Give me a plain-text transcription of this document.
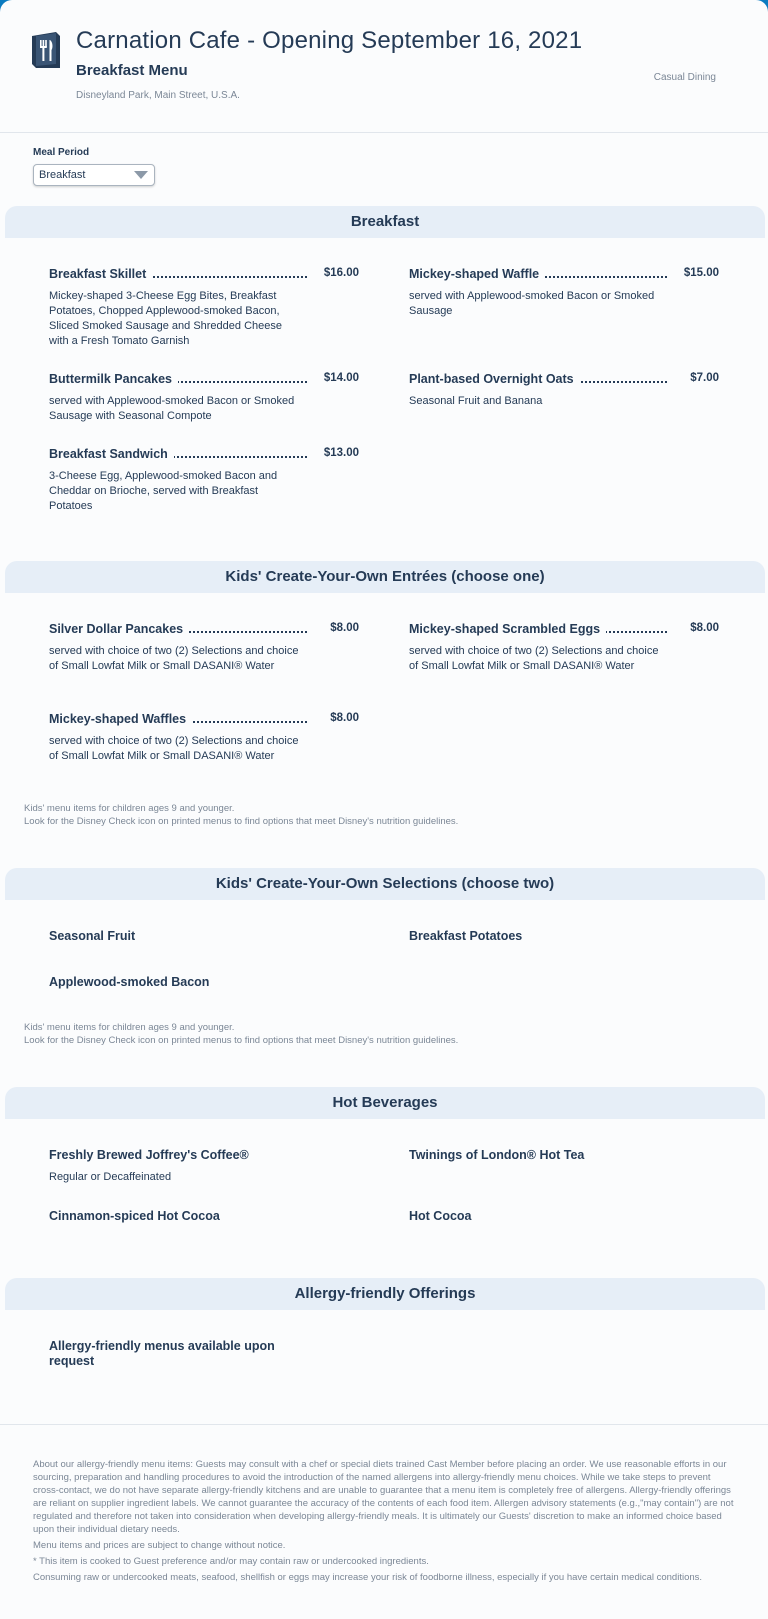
Carnation Cafe - Opening September 16, 2021
Breakfast Menu
Disneyland Park, Main Street, U.S.A.
Casual Dining
Meal Period
Breakfast
Breakfast
Breakfast Skillet	$16.00
Mickey-shaped 3-Cheese Egg Bites, Breakfast Potatoes, Chopped Applewood-smoked Bacon, Sliced Smoked Sausage and Shredded Cheese with a Fresh Tomato Garnish
Mickey-shaped Waffle	$15.00
served with Applewood-smoked Bacon or Smoked Sausage
Buttermilk Pancakes	$14.00
served with Applewood-smoked Bacon or Smoked Sausage with Seasonal Compote
Plant-based Overnight Oats	$7.00
Seasonal Fruit and Banana
Breakfast Sandwich	$13.00
3-Cheese Egg, Applewood-smoked Bacon and Cheddar on Brioche, served with Breakfast Potatoes
Kids' Create-Your-Own Entrées (choose one)
Silver Dollar Pancakes	$8.00
served with choice of two (2) Selections and choice of Small Lowfat Milk or Small DASANI® Water
Mickey-shaped Scrambled Eggs	$8.00
served with choice of two (2) Selections and choice of Small Lowfat Milk or Small DASANI® Water
Mickey-shaped Waffles	$8.00
served with choice of two (2) Selections and choice of Small Lowfat Milk or Small DASANI® Water
Kids' menu items for children ages 9 and younger.
Look for the Disney Check icon on printed menus to find options that meet Disney's nutrition guidelines.
Kids' Create-Your-Own Selections (choose two)
Seasonal Fruit	Breakfast Potatoes
Applewood-smoked Bacon
Kids' menu items for children ages 9 and younger.
Look for the Disney Check icon on printed menus to find options that meet Disney's nutrition guidelines.
Hot Beverages
Freshly Brewed Joffrey's Coffee®
Regular or Decaffeinated
Twinings of London® Hot Tea
Cinnamon-spiced Hot Cocoa	Hot Cocoa
Allergy-friendly Offerings
Allergy-friendly menus available upon request

About our allergy-friendly menu items: Guests may consult with a chef or special diets trained Cast Member before placing an order. We use reasonable efforts in our sourcing, preparation and handling procedures to avoid the introduction of the named allergens into allergy-friendly menu choices. While we take steps to prevent cross-contact, we do not have separate allergy-friendly kitchens and are unable to guarantee that a menu item is completely free of allergens. Allergy-friendly offerings are reliant on supplier ingredient labels. We cannot guarantee the accuracy of the contents of each food item. Allergen advisory statements (e.g.,"may contain") are not regulated and therefore not taken into consideration when developing allergy-friendly meals. It is ultimately our Guests' discretion to make an informed choice based upon their individual dietary needs.

Menu items and prices are subject to change without notice.

* This item is cooked to Guest preference and/or may contain raw or undercooked ingredients.

Consuming raw or undercooked meats, seafood, shellfish or eggs may increase your risk of foodborne illness, especially if you have certain medical conditions.
